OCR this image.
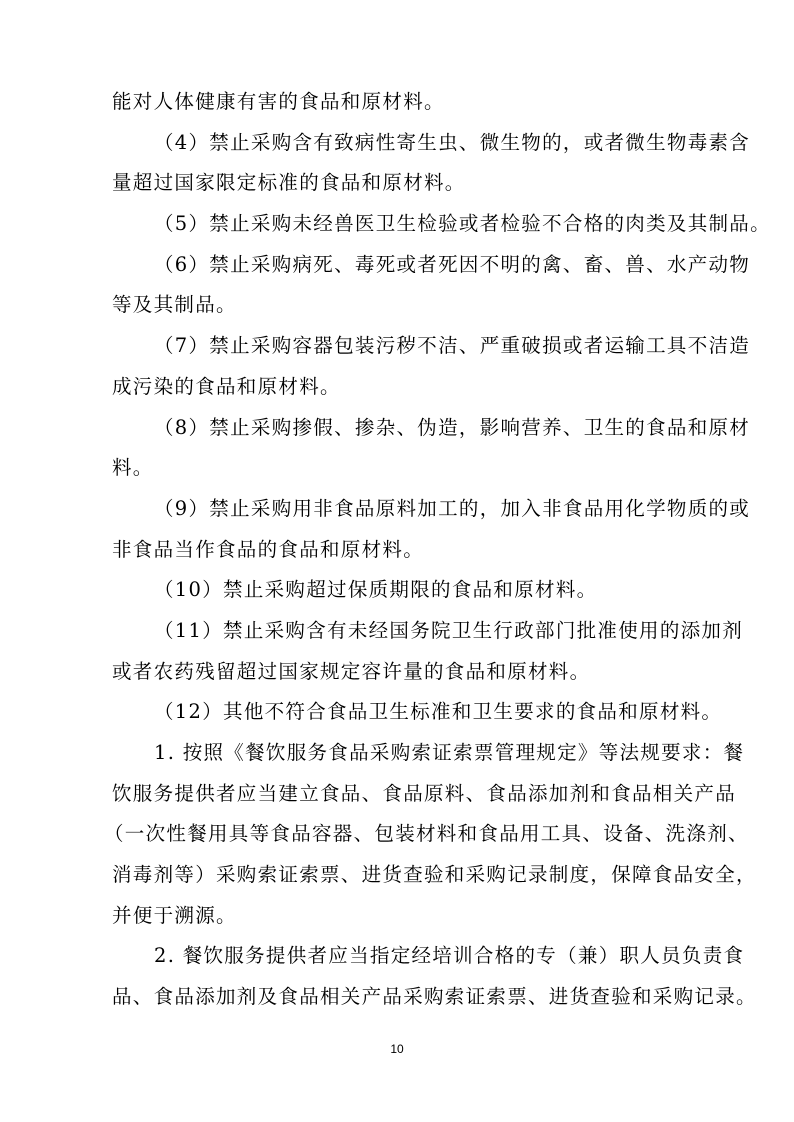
能对人体健康有害的食品和原材料。
（4）禁止采购含有致病性寄生虫、微生物的，或者微生物毒素含
量超过国家限定标准的食品和原材料。
（5）禁止采购未经兽医卫生检验或者检验不合格的肉类及其制品。
（6）禁止采购病死、毒死或者死因不明的禽、畜、兽、水产动物
等及其制品。
（7）禁止采购容器包装污秽不洁、严重破损或者运输工具不洁造
成污染的食品和原材料。
（8）禁止采购掺假、掺杂、伪造，影响营养、卫生的食品和原材
料。
（9）禁止采购用非食品原料加工的，加入非食品用化学物质的或
非食品当作食品的食品和原材料。
（10）禁止采购超过保质期限的食品和原材料。
（11）禁止采购含有未经国务院卫生行政部门批准使用的添加剂
或者农药残留超过国家规定容许量的食品和原材料。
（12）其他不符合食品卫生标准和卫生要求的食品和原材料。
1. 按照《餐饮服务食品采购索证索票管理规定》等法规要求：餐
饮服务提供者应当建立食品、食品原料、食品添加剂和食品相关产品
（一次性餐用具等食品容器、包装材料和食品用工具、设备、洗涤剂、
消毒剂等）采购索证索票、进货查验和采购记录制度，保障食品安全，
并便于溯源。
2. 餐饮服务提供者应当指定经培训合格的专（兼）职人员负责食
品、食品添加剂及食品相关产品采购索证索票、进货查验和采购记录。
10
